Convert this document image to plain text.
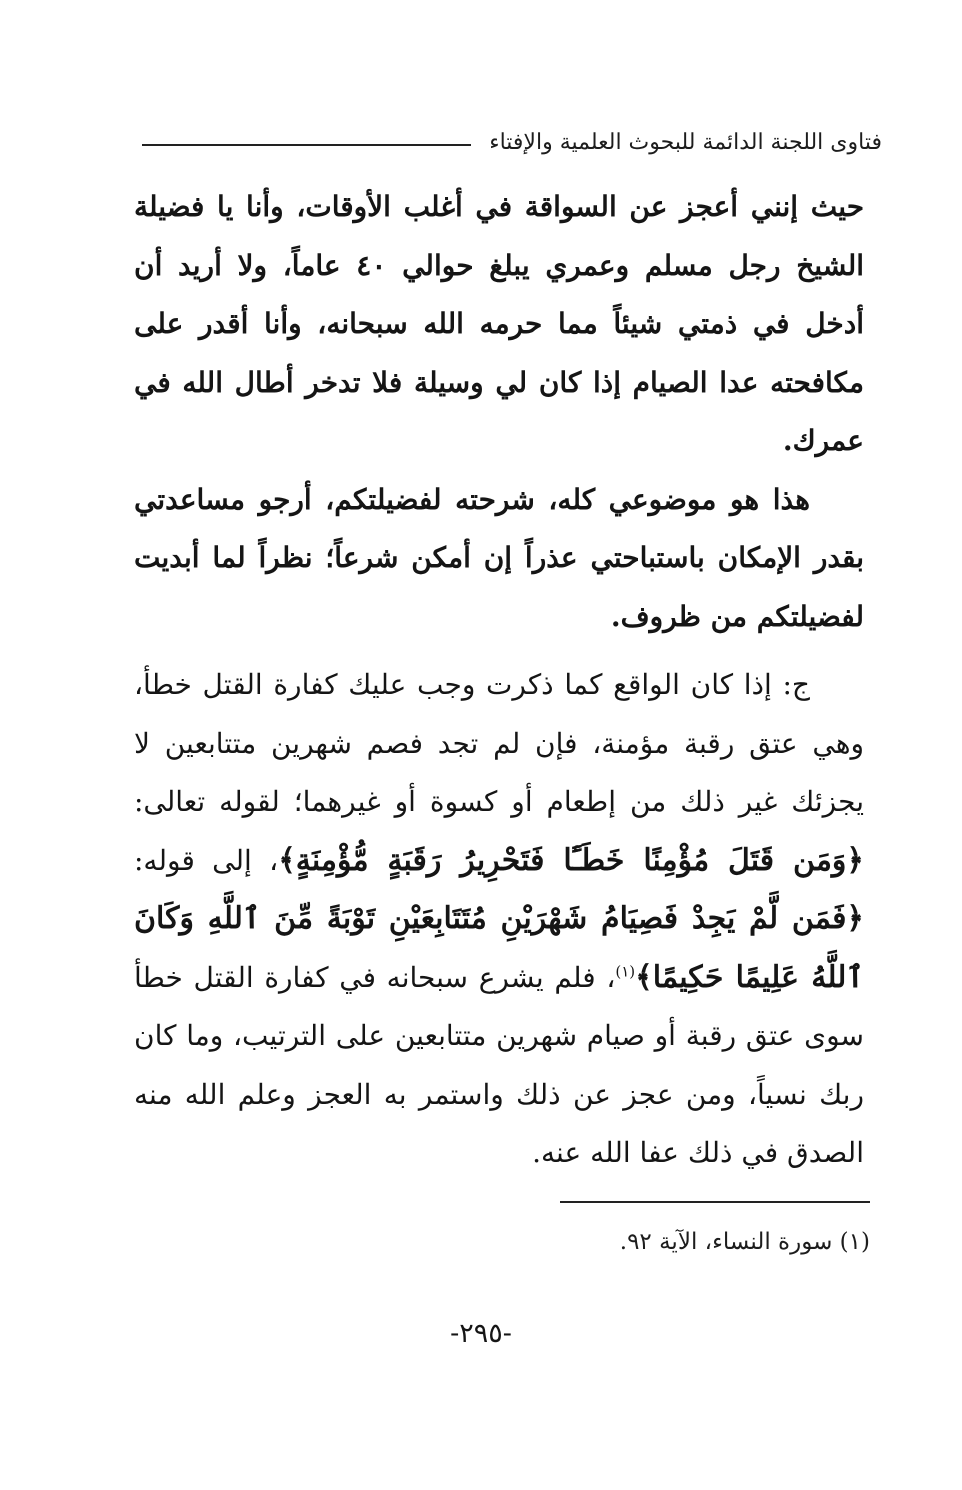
فتاوى اللجنة الدائمة للبحوث العلمية والإفتاء

حيث إنني أعجز عن السواقة في أغلب الأوقات، وأنا يا فضيلة الشيخ رجل مسلم وعمري يبلغ حوالي ٤٠ عاماً، ولا أريد أن أدخل في ذمتي شيئاً مما حرمه الله سبحانه، وأنا أقدر على مكافحته عدا الصيام إذا كان لي وسيلة فلا تدخر أطال الله في عمرك.

هذا هو موضوعي كله، شرحته لفضيلتكم، أرجو مساعدتي بقدر الإمكان باستباحتي عذراً إن أمكن شرعاً؛ نظراً لما أبديت لفضيلتكم من ظروف.

ج: إذا كان الواقع كما ذكرت وجب عليك كفارة القتل خطأ، وهي عتق رقبة مؤمنة، فإن لم تجد فصم شهرين متتابعين لا يجزئك غير ذلك من إطعام أو كسوة أو غيرهما؛ لقوله تعالى: ﴿وَمَن قَتَلَ مُؤْمِنًا خَطَـًٔا فَتَحْرِيرُ رَقَبَةٍ مُّؤْمِنَةٍ﴾، إلى قوله: ﴿فَمَن لَّمْ يَجِدْ فَصِيَامُ شَهْرَيْنِ مُتَتَابِعَيْنِ تَوْبَةً مِّنَ ٱللَّهِ وَكَانَ ٱللَّهُ عَلِيمًا حَكِيمًا﴾$^{(١)}$، فلم يشرع سبحانه في كفارة القتل خطأ سوى عتق رقبة أو صيام شهرين متتابعين على الترتيب، وما كان ربك نسياً، ومن عجز عن ذلك واستمر به العجز وعلم الله منه الصدق في ذلك عفا الله عنه.

(١) سورة النساء، الآية ٩٢.
-٢٩٥-
